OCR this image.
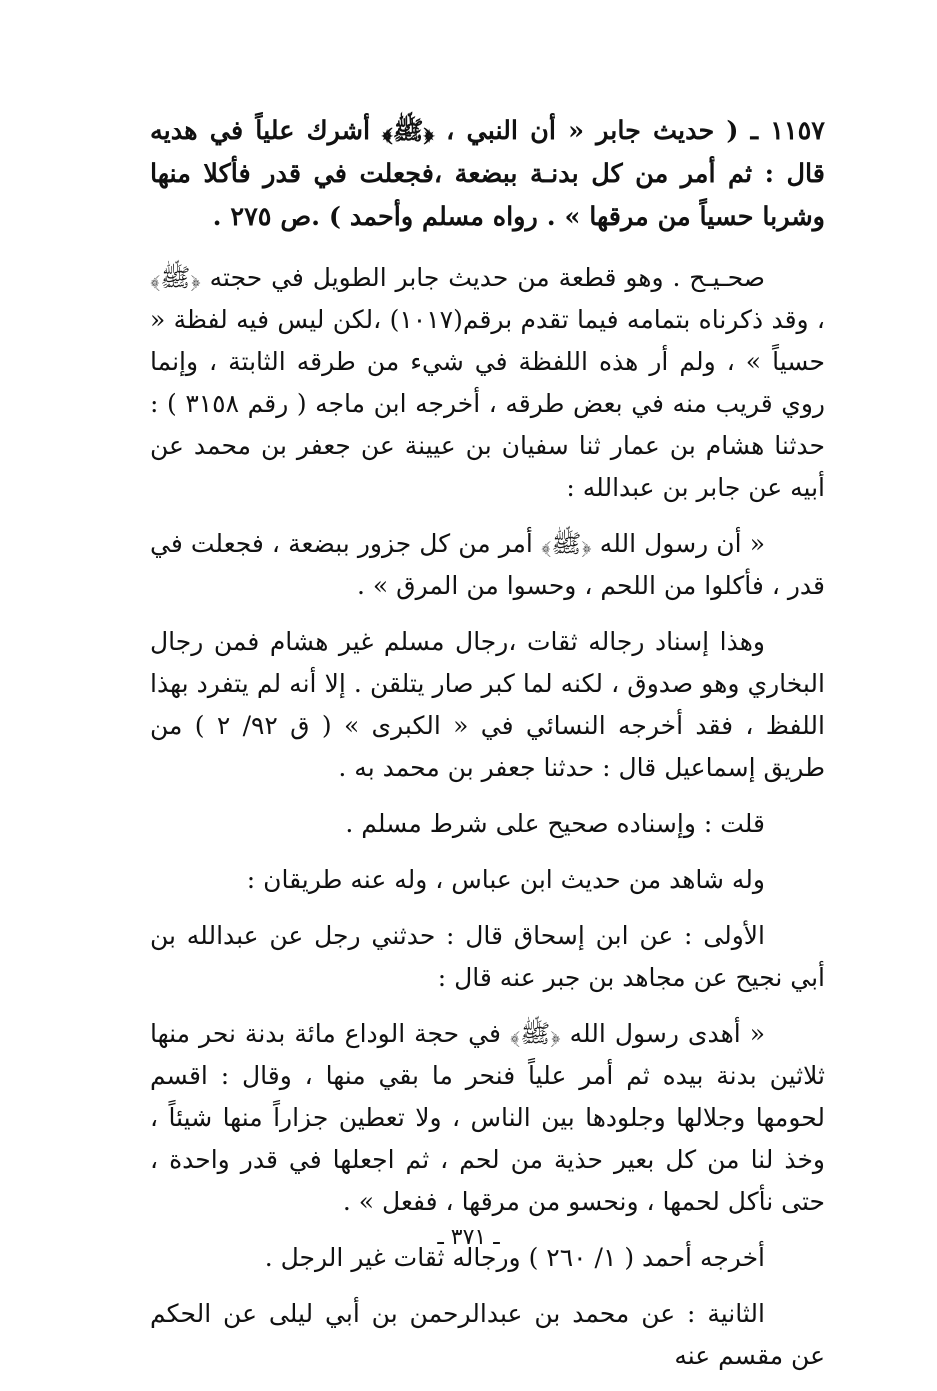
١١٥٧ ـ ( حديث جابر « أن النبي ، ﴿ﷺ﴾ أشرك علياً في هديه قال : ثم أمر من كل بدنـة ببضعة ،فجعلت في قدر فأكلا منها وشربا حسياً من مرقها » . رواه مسلم وأحمد ) .ص ٢٧٥ .

صحـيـح . وهو قطعة من حديث جابر الطويل في حجته ﴿ﷺ﴾ ، وقد ذكرناه بتمامه فيما تقدم برقم(١٠١٧) ،لكن ليس فيه لفظة « حسياً » ، ولم أر هذه اللفظة في شيء من طرقه الثابتة ، وإنما روي قريب منه في بعض طرقه ، أخرجه ابن ماجه ( رقم ٣١٥٨ ) : حدثنا هشام بن عمار ثنا سفيان بن عيينة عن جعفر بن محمد عن أبيه عن جابر بن عبدالله :

« أن رسول الله ﴿ﷺ﴾ أمر من كل جزور ببضعة ، فجعلت في قدر ، فأكلوا من اللحم ، وحسوا من المرق » .

وهذا إسناد رجاله ثقات ،رجال مسلم غير هشام فمن رجال البخاري وهو صدوق ، لكنه لما كبر صار يتلقن . إلا أنه لم يتفرد بهذا اللفظ ، فقد أخرجه النسائي في « الكبرى » ( ق ٩٢/ ٢ ) من طريق إسماعيل قال : حدثنا جعفر بن محمد به .

قلت : وإسناده صحيح على شرط مسلم .

وله شاهد من حديث ابن عباس ، وله عنه طريقان :

الأولى : عن ابن إسحاق قال : حدثني رجل عن عبدالله بن أبي نجيح عن مجاهد بن جبر عنه قال :

« أهدى رسول الله ﴿ﷺ﴾ في حجة الوداع مائة بدنة نحر منها ثلاثين بدنة بيده ثم أمر علياً فنحر ما بقي منها ، وقال : اقسم لحومها وجلالها وجلودها بين الناس ، ولا تعطين جزاراً منها شيئاً ، وخذ لنا من كل بعير حذية من لحم ، ثم اجعلها في قدر واحدة ، حتى نأكل لحمها ، ونحسو من مرقها ، ففعل » .

أخرجه أحمد ( ١/ ٢٦٠ ) ورجاله ثقات غير الرجل .

الثانية : عن محمد بن عبدالرحمن بن أبي ليلى عن الحكم عن مقسم عنه

ـ ٣٧١ ـ
